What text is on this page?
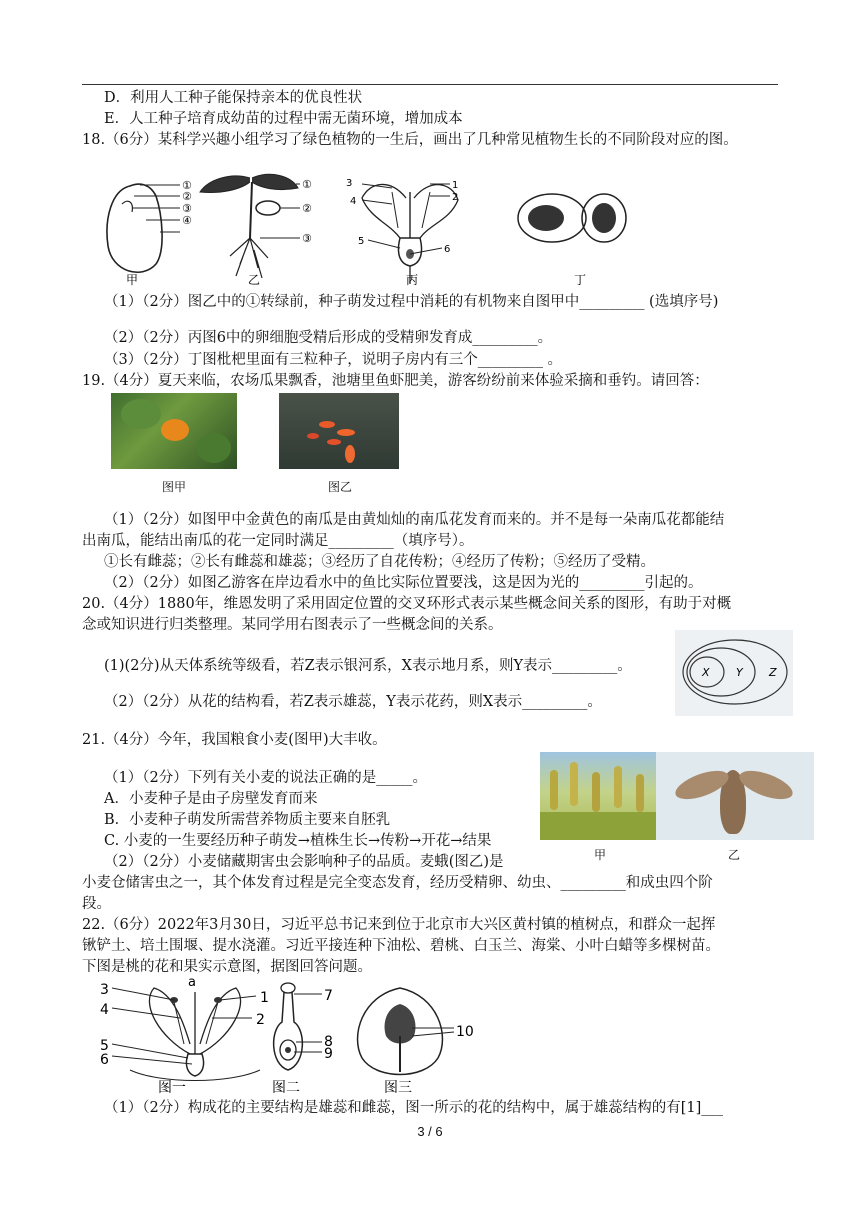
D．利用人工种子能保持亲本的优良性状
E．人工种子培育成幼苗的过程中需无菌环境，增加成本
18.（6分）某科学兴趣小组学习了绿色植物的一生后，画出了几种常见植物生长的不同阶段对应的图。
①
②
③
④
①
②
③
1
2
3
4
5
6
甲	乙	丙	丁
（1）（2分）图乙中的①转绿前，种子萌发过程中消耗的有机物来自图甲中_________ (选填序号)
（2）（2分）丙图6中的卵细胞受精后形成的受精卵发育成_________。
（3）（2分）丁图枇杷里面有三粒种子，说明子房内有三个_________ 。
19.（4分）夏天来临，农场瓜果飘香，池塘里鱼虾肥美，游客纷纷前来体验采摘和垂钓。请回答：
图甲	图乙
（1）（2分）如图甲中金黄色的南瓜是由黄灿灿的南瓜花发育而来的。并不是每一朵南瓜花都能结
出南瓜，能结出南瓜的花一定同时满足_________（填序号）。
①长有雌蕊；②长有雌蕊和雄蕊；③经历了自花传粉；④经历了传粉；⑤经历了受精。
（2）（2分）如图乙游客在岸边看水中的鱼比实际位置要浅，这是因为光的_________引起的。
20.（4分）1880年，维恩发明了采用固定位置的交叉环形式表示某些概念间关系的图形，有助于对概
念或知识进行归类整理。某同学用右图表示了一些概念间的关系。
(1)(2分)从天体系统等级看，若Z表示银河系，X表示地月系，则Y表示_________。
（2）（2分）从花的结构看，若Z表示雄蕊，Y表示花药，则X表示_________。
X Y Z
21.（4分）今年，我国粮食小麦(图甲)大丰收。
（1）（2分）下列有关小麦的说法正确的是_____。
A．小麦种子是由子房壁发育而来
B．小麦种子萌发所需营养物质主要来自胚乳
C. 小麦的一生要经历种子萌发→植株生长→传粉→开花→结果
（2）（2分）小麦储藏期害虫会影响种子的品质。麦蛾(图乙)是	甲	乙
小麦仓储害虫之一，其个体发育过程是完全变态发育，经历受精卵、幼虫、_________和成虫四个阶
段。
22.（6分）2022年3月30日，习近平总书记来到位于北京市大兴区黄村镇的植树点，和群众一起挥
锹铲土、培土围堰、提水浇灌。习近平接连种下油松、碧桃、白玉兰、海棠、小叶白蜡等多棵树苗。
下图是桃的花和果实示意图，据图回答问题。
a
1
2
3
4
5
6
7
8
9
10
图一	图二	图三
（1）（2分）构成花的主要结构是雄蕊和雌蕊，图一所示的花的结构中，属于雄蕊结构的有[1]___
3 / 6
